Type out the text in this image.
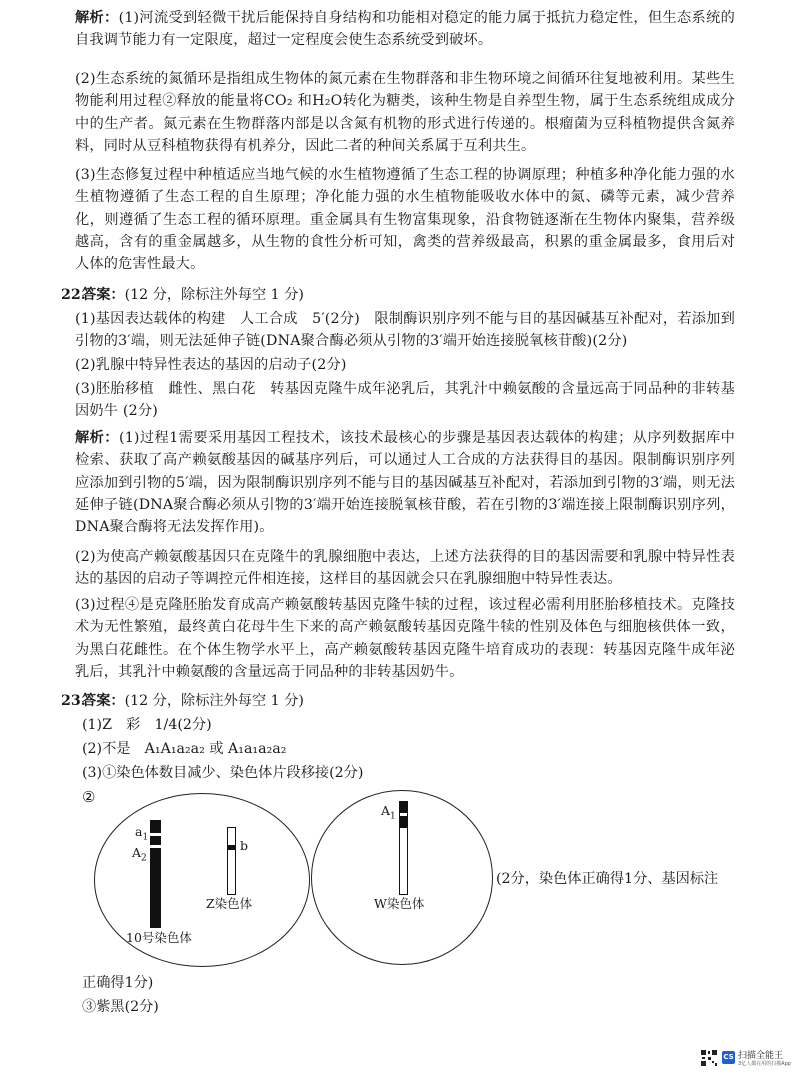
解析：(1)河流受到轻微干扰后能保持自身结构和功能相对稳定的能力属于抵抗力稳定性，但生态系统的自我调节能力有一定限度，超过一定程度会使生态系统受到破坏。

(2)生态系统的氮循环是指组成生物体的氮元素在生物群落和非生物环境之间循环往复地被利用。某些生物能利用过程②释放的能量将CO₂ 和H₂O转化为糖类，该种生物是自养型生物，属于生态系统组成成分中的生产者。氮元素在生物群落内部是以含氮有机物的形式进行传递的。根瘤菌为豆科植物提供含氮养料，同时从豆科植物获得有机养分，因此二者的种间关系属于互利共生。

(3)生态修复过程中种植适应当地气候的水生植物遵循了生态工程的协调原理；种植多种净化能力强的水生植物遵循了生态工程的自生原理；净化能力强的水生植物能吸收水体中的氮、磷等元素，减少营养化，则遵循了生态工程的循环原理。重金属具有生物富集现象，沿食物链逐渐在生物体内聚集，营养级越高，含有的重金属越多，从生物的食性分析可知，禽类的营养级最高，积累的重金属最多，食用后对人体的危害性最大。

22.
答案：(12 分，除标注外每空 1 分)

(1)基因表达载体的构建　人工合成　5′(2分)　限制酶识别序列不能与目的基因碱基互补配对，若添加到引物的3′端，则无法延伸子链(DNA聚合酶必须从引物的3′端开始连接脱氧核苷酸)(2分)

(2)乳腺中特异性表达的基因的启动子(2分)

(3)胚胎移植　雌性、黑白花　转基因克隆牛成年泌乳后，其乳汁中赖氨酸的含量远高于同品种的非转基因奶牛 (2分)

解析：(1)过程1需要采用基因工程技术，该技术最核心的步骤是基因表达载体的构建；从序列数据库中检索、获取了高产赖氨酸基因的碱基序列后，可以通过人工合成的方法获得目的基因。限制酶识别序列应添加到引物的5′端，因为限制酶识别序列不能与目的基因碱基互补配对，若添加到引物的3′端，则无法延伸子链(DNA聚合酶必须从引物的3′端开始连接脱氧核苷酸，若在引物的3′端连接上限制酶识别序列，DNA聚合酶将无法发挥作用)。

(2)为使高产赖氨酸基因只在克隆牛的乳腺细胞中表达，上述方法获得的目的基因需要和乳腺中特异性表达的基因的启动子等调控元件相连接，这样目的基因就会只在乳腺细胞中特异性表达。

(3)过程④是克隆胚胎发育成高产赖氨酸转基因克隆牛犊的过程，该过程必需利用胚胎移植技术。克隆技术为无性繁殖，最终黄白花母牛生下来的高产赖氨酸转基因克隆牛犊的性别及体色与细胞核供体一致，为黑白花雌性。在个体生物学水平上，高产赖氨酸转基因克隆牛培育成功的表现：转基因克隆牛成年泌乳后，其乳汁中赖氨酸的含量远高于同品种的非转基因奶牛。

23.
答案：(12 分，除标注外每空 1 分)
(1)Z　彩　1/4(2分)
(2)不是　A₁A₁a₂a₂ 或 A₁a₁a₂a₂
(3)①染色体数目减少、染色体片段移接(2分)
②
$a_1$
$A_2$
b
Z染色体
10号染色体
$A_1$
W染色体
(2分，染色体正确得1分、基因标注
正确得1分)
③紫黑(2分)
CS 扫描全能王
3亿人都在用的扫描App
